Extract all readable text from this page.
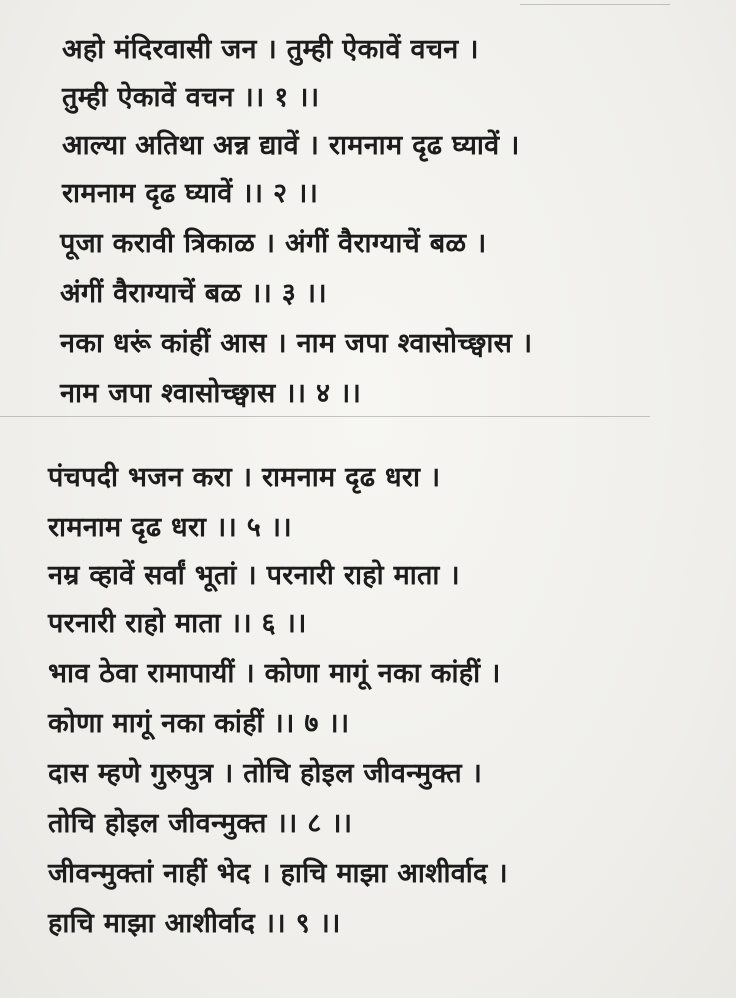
अहो मंदिरवासी जन । तुम्ही ऐकावें वचन ।
तुम्ही ऐकावें वचन ।। १ ।।
आल्या अतिथा अन्न द्यावें । रामनाम दृढ घ्यावें ।
रामनाम दृढ घ्यावें ।। २ ।।
पूजा करावी त्रिकाळ । अंगीं वैराग्याचें बळ ।
अंगीं वैराग्याचें बळ ।। ३ ।।
नका धरूं कांहीं आस । नाम जपा श्वासोच्छ्वास ।
नाम जपा श्वासोच्छ्वास ।। ४ ।।
पंचपदी भजन करा । रामनाम दृढ धरा ।
रामनाम दृढ धरा ।। ५ ।।
नम्र व्हावें सर्वां भूतां । परनारी राहो माता ।
परनारी राहो माता ।। ६ ।।
भाव ठेवा रामापायीं । कोणा मागूं नका कांहीं ।
कोणा मागूं नका कांहीं ।। ७ ।।
दास म्हणे गुरुपुत्र । तोचि होइल जीवन्मुक्त ।
तोचि होइल जीवन्मुक्त ।। ८ ।।
जीवन्मुक्तां नाहीं भेद । हाचि माझा आशीर्वाद ।
हाचि माझा आशीर्वाद ।। ९ ।।
